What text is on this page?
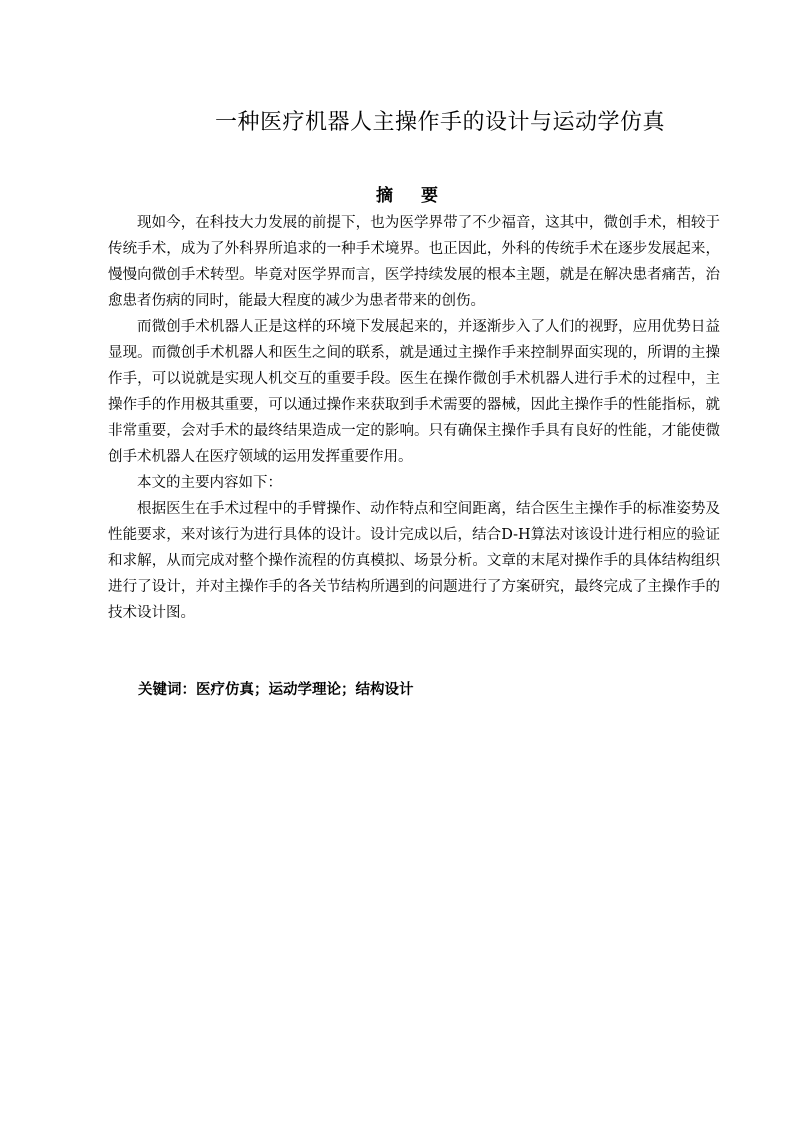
一种医疗机器人主操作手的设计与运动学仿真
摘 要

现如今，在科技大力发展的前提下，也为医学界带了不少福音，这其中，微创手术，相较于传统手术，成为了外科界所追求的一种手术境界。也正因此，外科的传统手术在逐步发展起来，慢慢向微创手术转型。毕竟对医学界而言，医学持续发展的根本主题，就是在解决患者痛苦，治愈患者伤病的同时，能最大程度的减少为患者带来的创伤。

而微创手术机器人正是这样的环境下发展起来的，并逐渐步入了人们的视野，应用优势日益显现。而微创手术机器人和医生之间的联系，就是通过主操作手来控制界面实现的，所谓的主操作手，可以说就是实现人机交互的重要手段。医生在操作微创手术机器人进行手术的过程中，主操作手的作用极其重要，可以通过操作来获取到手术需要的器械，因此主操作手的性能指标，就非常重要，会对手术的最终结果造成一定的影响。只有确保主操作手具有良好的性能，才能使微创手术机器人在医疗领域的运用发挥重要作用。

本文的主要内容如下：

根据医生在手术过程中的手臂操作、动作特点和空间距离，结合医生主操作手的标准姿势及性能要求，来对该行为进行具体的设计。设计完成以后，结合D-H算法对该设计进行相应的验证和求解，从而完成对整个操作流程的仿真模拟、场景分析。文章的末尾对操作手的具体结构组织进行了设计，并对主操作手的各关节结构所遇到的问题进行了方案研究，最终完成了主操作手的技术设计图。

关键词：医疗仿真；运动学理论；结构设计
